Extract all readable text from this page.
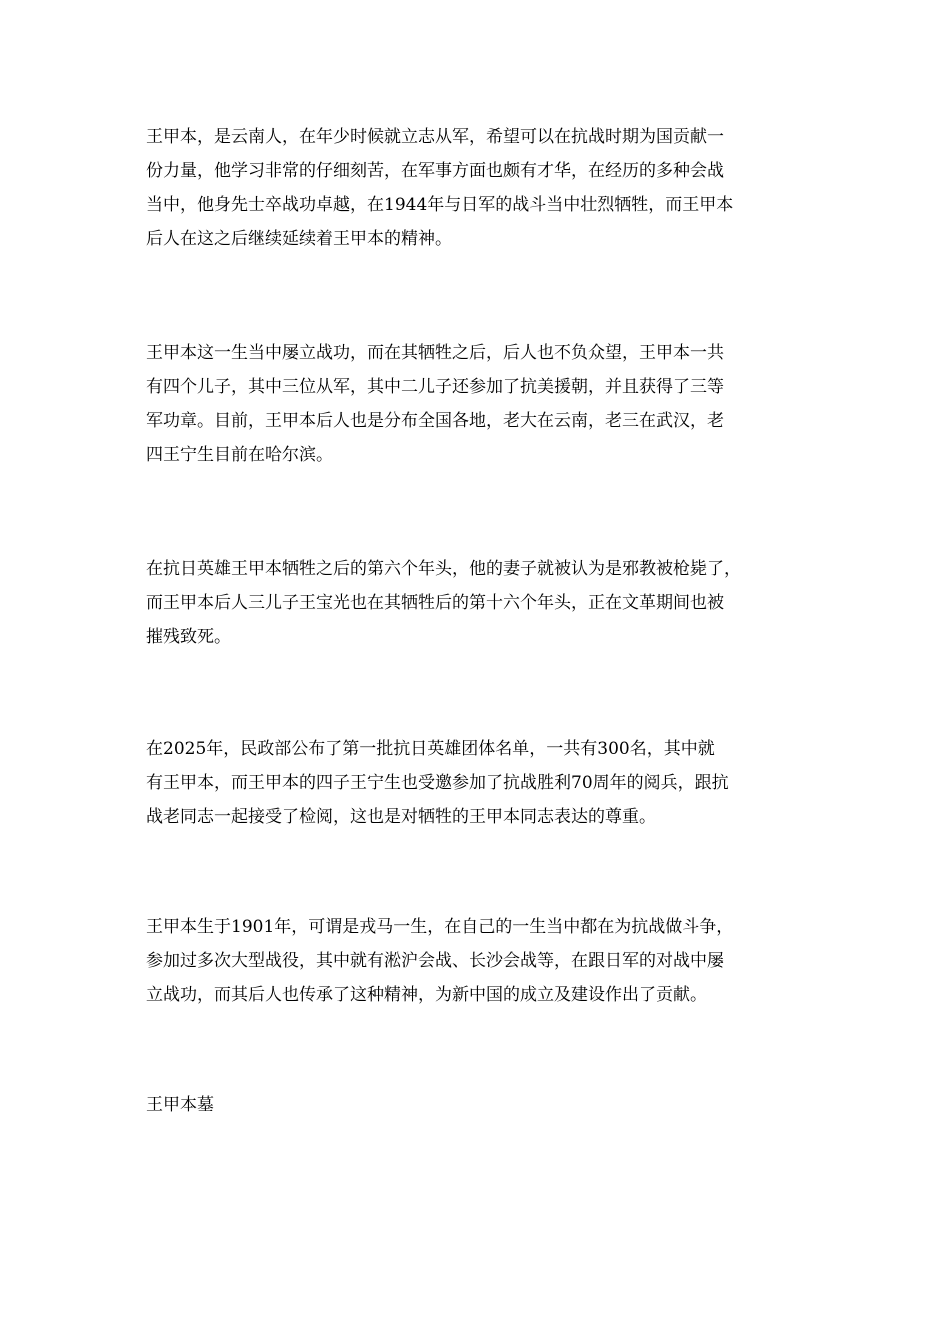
王甲本，是云南人，在年少时候就立志从军，希望可以在抗战时期为国贡献一
份力量，他学习非常的仔细刻苦，在军事方面也颇有才华，在经历的多种会战
当中，他身先士卒战功卓越，在1944年与日军的战斗当中壮烈牺牲，而王甲本
后人在这之后继续延续着王甲本的精神。

王甲本这一生当中屡立战功，而在其牺牲之后，后人也不负众望，王甲本一共
有四个儿子，其中三位从军，其中二儿子还参加了抗美援朝，并且获得了三等
军功章。目前，王甲本后人也是分布全国各地，老大在云南，老三在武汉，老
四王宁生目前在哈尔滨。

在抗日英雄王甲本牺牲之后的第六个年头，他的妻子就被认为是邪教被枪毙了，
而王甲本后人三儿子王宝光也在其牺牲后的第十六个年头，正在文革期间也被
摧残致死。

在2025年，民政部公布了第一批抗日英雄团体名单，一共有300名，其中就
有王甲本，而王甲本的四子王宁生也受邀参加了抗战胜利70周年的阅兵，跟抗
战老同志一起接受了检阅，这也是对牺牲的王甲本同志表达的尊重。

王甲本生于1901年，可谓是戎马一生，在自己的一生当中都在为抗战做斗争，
参加过多次大型战役，其中就有淞沪会战、长沙会战等，在跟日军的对战中屡
立战功，而其后人也传承了这种精神，为新中国的成立及建设作出了贡献。

王甲本墓
